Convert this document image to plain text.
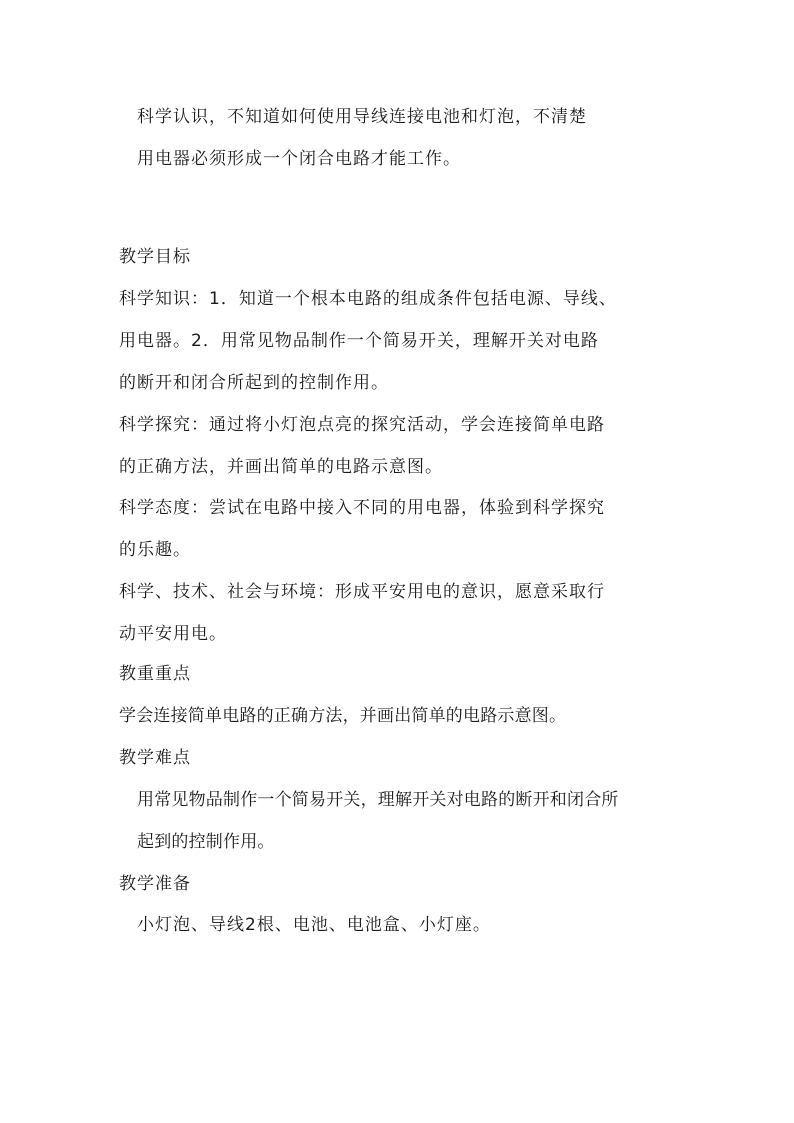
科学认识，不知道如何使用导线连接电池和灯泡，不清楚
用电器必须形成一个闭合电路才能工作。
教学目标
科学知识：1．知道一个根本电路的组成条件包括电源、导线、
用电器。2．用常见物品制作一个简易开关，理解开关对电路
的断开和闭合所起到的控制作用。
科学探究：通过将小灯泡点亮的探究活动，学会连接简单电路
的正确方法，并画出简单的电路示意图。
科学态度：尝试在电路中接入不同的用电器，体验到科学探究
的乐趣。
科学、技术、社会与环境：形成平安用电的意识，愿意采取行
动平安用电。
教重重点
学会连接简单电路的正确方法，并画出简单的电路示意图。
教学难点
用常见物品制作一个简易开关，理解开关对电路的断开和闭合所
起到的控制作用。
教学准备
小灯泡、导线2根、电池、电池盒、小灯座。
